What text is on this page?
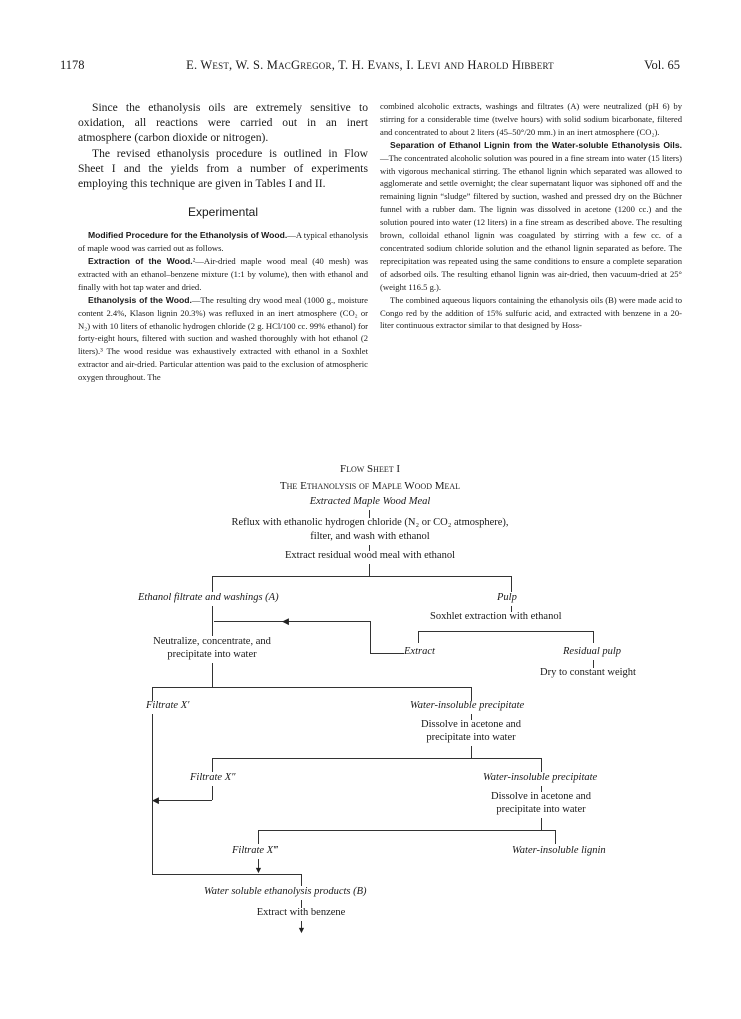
1178	E. West, W. S. MacGregor, T. H. Evans, I. Levi and Harold Hibbert	Vol. 65

Since the ethanolysis oils are extremely sensitive to oxidation, all reactions were carried out in an inert atmosphere (carbon dioxide or nitrogen).

The revised ethanolysis procedure is outlined in Flow Sheet I and the yields from a number of experiments employing this technique are given in Tables I and II.

Experimental

Modified Procedure for the Ethanolysis of Wood.—A typical ethanolysis of maple wood was carried out as follows.

Extraction of the Wood.²—Air-dried maple wood meal (40 mesh) was extracted with an ethanol–benzene mixture (1:1 by volume), then with ethanol and finally with hot tap water and dried.

Ethanolysis of the Wood.—The resulting dry wood meal (1000 g., moisture content 2.4%, Klason lignin 20.3%) was refluxed in an inert atmosphere (CO₂ or N₂) with 10 liters of ethanolic hydrogen chloride (2 g. HCl/100 cc. 99% ethanol) for forty-eight hours, filtered with suction and washed thoroughly with hot ethanol (2 liters).³ The wood residue was exhaustively extracted with ethanol in a Soxhlet extractor and air-dried. Particular attention was paid to the exclusion of atmospheric oxygen throughout. The

combined alcoholic extracts, washings and filtrates (A) were neutralized (pH 6) by stirring for a considerable time (twelve hours) with solid sodium bicarbonate, filtered and concentrated to about 2 liters (45–50°/20 mm.) in an inert atmosphere (CO₂).

Separation of Ethanol Lignin from the Water-soluble Ethanolysis Oils.—The concentrated alcoholic solution was poured in a fine stream into water (15 liters) with vigorous mechanical stirring. The ethanol lignin which separated was allowed to agglomerate and settle overnight; the clear supernatant liquor was siphoned off and the remaining lignin “sludge” filtered by suction, washed and pressed dry on the Büchner funnel with a rubber dam. The lignin was dissolved in acetone (1200 cc.) and the solution poured into water (12 liters) in a fine stream as described above. The resulting brown, colloidal ethanol lignin was coagulated by stirring with a few cc. of a concentrated sodium chloride solution and the ethanol lignin separated as before. The reprecipitation was repeated using the same conditions to ensure a complete separation of adsorbed oils. The resulting ethanol lignin was air-dried, then vacuum-dried at 25° (weight 116.5 g.).

The combined aqueous liquors containing the ethanolysis oils (B) were made acid to Congo red by the addition of 15% sulfuric acid, and extracted with benzene in a 20-liter continuous extractor similar to that designed by Hoss-

Flow Sheet I
The Ethanolysis of Maple Wood Meal
Extracted Maple Wood Meal
Reflux with ethanolic hydrogen chloride (N₂ or CO₂ atmosphere),
filter, and wash with ethanol
Extract residual wood meal with ethanol
Ethanol filtrate and washings (A)	Pulp
Soxhlet extraction with ethanol
◀
Neutralize, concentrate, and
precipitate into water	Extract	Residual pulp
Dry to constant weight
Filtrate X′	Water-insoluble precipitate
Dissolve in acetone and
precipitate into water
Filtrate X″	Water-insoluble precipitate
◀	Dissolve in acetone and
precipitate into water
Filtrate X‴	Water-insoluble lignin
▼
Water soluble ethanolysis products (B)
Extract with benzene
▼
